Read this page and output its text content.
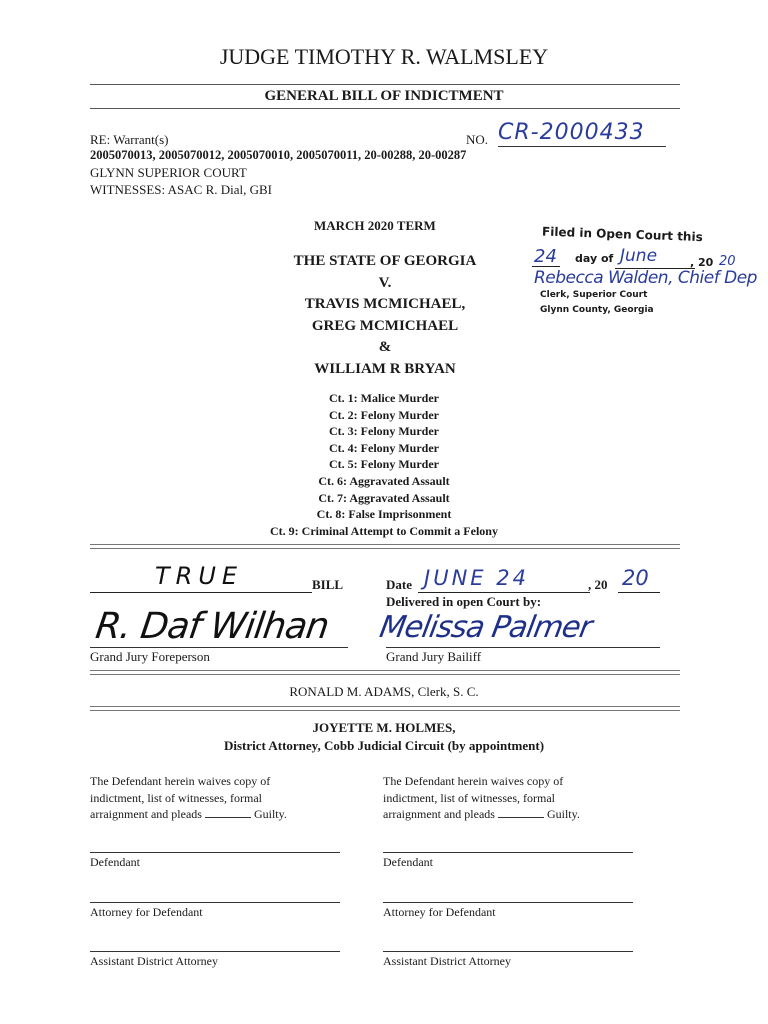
JUDGE TIMOTHY R. WALMSLEY
GENERAL BILL OF INDICTMENT
RE: Warrant(s)	NO. CR-2000433
2005070013, 2005070012, 2005070010, 2005070011, 20-00288, 20-00287
GLYNN SUPERIOR COURT
WITNESSES: ASAC R. Dial, GBI
MARCH 2020 TERM	Filed in Open Court this
24 day of June	, 20 20
Rebecca Walden, Chief Dep
Clerk, Superior Court
Glynn County, Georgia
THE STATE OF GEORGIA
V.
TRAVIS MCMICHAEL,
GREG MCMICHAEL
&
WILLIAM R BRYAN
Ct. 1: Malice Murder
Ct. 2: Felony Murder
Ct. 3: Felony Murder
Ct. 4: Felony Murder
Ct. 5: Felony Murder
Ct. 6: Aggravated Assault
Ct. 7: Aggravated Assault
Ct. 8: False Imprisonment
Ct. 9: Criminal Attempt to Commit a Felony
TRUE	BILL	Date JUNE 24	, 20 20
Delivered in open Court by:
R. Daf Wilhan Melissa Palmer
Grand Jury Foreperson	Grand Jury Bailiff
RONALD M. ADAMS, Clerk, S. C.
JOYETTE M. HOLMES,
District Attorney, Cobb Judicial Circuit (by appointment)
The Defendant herein waives copy of
indictment, list of witnesses, formal
arraignment and pleads	Guilty.
The Defendant herein waives copy of
indictment, list of witnesses, formal
arraignment and pleads	Guilty.
Defendant
Attorney for Defendant
Assistant District Attorney
Defendant
Attorney for Defendant
Assistant District Attorney
